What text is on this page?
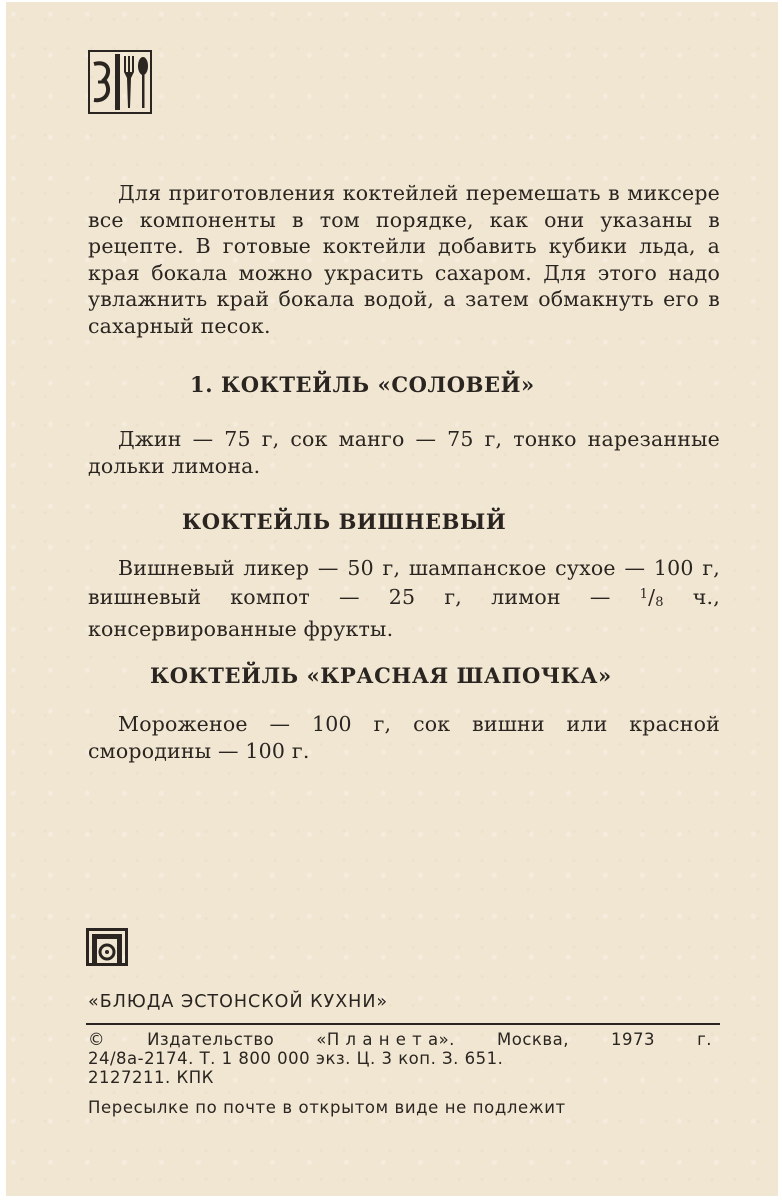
Для приготовления коктейлей перемешать в миксере все компоненты в том порядке, как они указаны в рецепте. В готовые коктейли добавить кубики льда, а края бокала можно украсить сахаром. Для этого надо увлажнить край бокала водой, а затем обмакнуть его в сахарный песок.

1. КОКТЕЙЛЬ «СОЛОВЕЙ»

Джин — 75 г, сок манго — 75 г, тонко нарезанные дольки лимона.

КОКТЕЙЛЬ ВИШНЕВЫЙ

Вишневый ликер — 50 г, шампанское сухое — 100 г, вишневый компот — 25 г, лимон — $^1$/8 ч., консервированные фрукты.

КОКТЕЙЛЬ «КРАСНАЯ ШАПОЧКА»

Мороженое — 100 г, сок вишни или красной смородины — 100 г.

«БЛЮДА ЭСТОНСКОЙ КУХНИ»

©	Издательство	«П л а н е т а».	Москва,	1973	г.
24/8а-2174. Т. 1 800 000 экз. Ц. 3 коп. З. 651.
2127211. КПК

Пересылке по почте в открытом виде не подлежит
